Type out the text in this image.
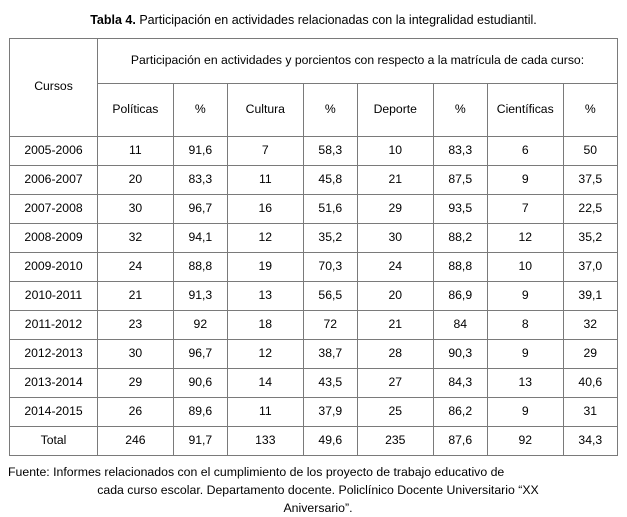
Tabla 4. Participación en actividades relacionadas con la integralidad estudiantil.
Cursos	Participación en actividades y porcientos con respecto a la matrícula de cada curso:							
	Políticas	%	Cultura	%	Deporte	%	Científicas	%
2005-2006	11	91,6	7	58,3	10	83,3	6	50
2006-2007	20	83,3	11	45,8	21	87,5	9	37,5
2007-2008	30	96,7	16	51,6	29	93,5	7	22,5
2008-2009	32	94,1	12	35,2	30	88,2	12	35,2
2009-2010	24	88,8	19	70,3	24	88,8	10	37,0
2010-2011	21	91,3	13	56,5	20	86,9	9	39,1
2011-2012	23	92	18	72	21	84	8	32
2012-2013	30	96,7	12	38,7	28	90,3	9	29
2013-2014	29	90,6	14	43,5	27	84,3	13	40,6
2014-2015	26	89,6	11	37,9	25	86,2	9	31
Total	246	91,7	133	49,6	235	87,6	92	34,3
Fuente: Informes relacionados con el cumplimiento de los proyecto de trabajo educativo de
cada curso escolar. Departamento docente. Policlínico Docente Universitario “XX
Aniversario”.
